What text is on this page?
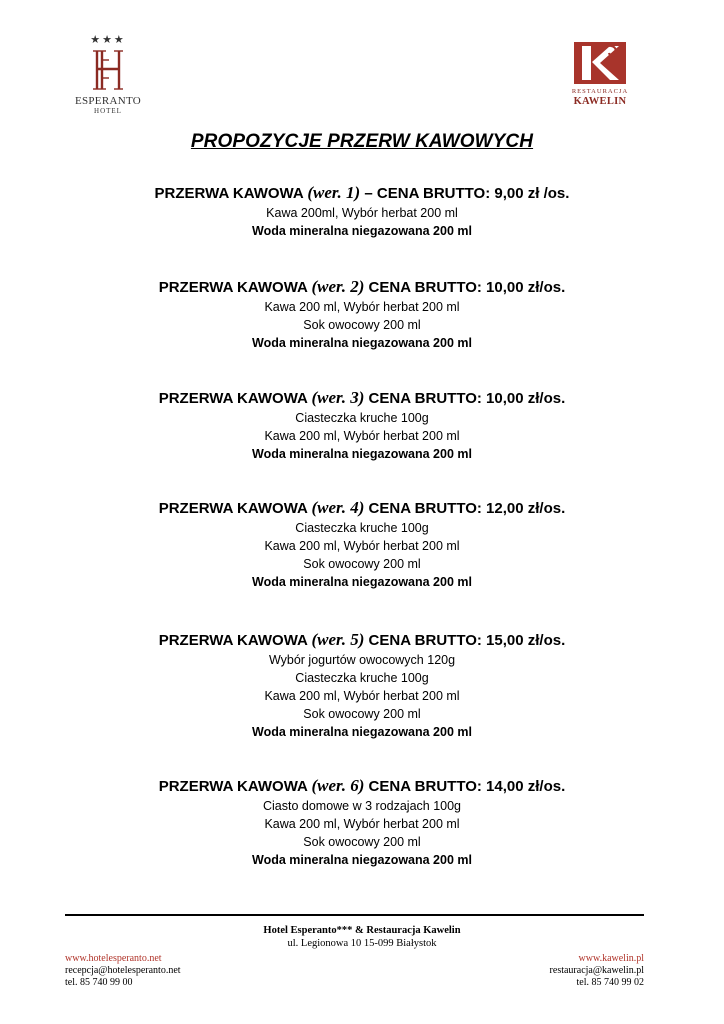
★★★
ESPERANTO
HOTEL
RESTAURACJA
KAWELIN
PROPOZYCJE PRZERW KAWOWYCH
PRZERWA KAWOWA (wer. 1) – CENA BRUTTO: 9,00 zł /os.
Kawa 200ml, Wybór herbat 200 ml
Woda mineralna niegazowana 200 ml
PRZERWA KAWOWA (wer. 2) CENA BRUTTO: 10,00 zł/os.
Kawa 200 ml, Wybór herbat 200 ml
Sok owocowy 200 ml
Woda mineralna niegazowana 200 ml
PRZERWA KAWOWA (wer. 3) CENA BRUTTO: 10,00 zł/os.
Ciasteczka kruche 100g
Kawa 200 ml, Wybór herbat 200 ml
Woda mineralna niegazowana 200 ml
PRZERWA KAWOWA (wer. 4) CENA BRUTTO: 12,00 zł/os.
Ciasteczka kruche 100g
Kawa 200 ml, Wybór herbat 200 ml
Sok owocowy 200 ml
Woda mineralna niegazowana 200 ml
PRZERWA KAWOWA (wer. 5) CENA BRUTTO: 15,00 zł/os.
Wybór jogurtów owocowych 120g
Ciasteczka kruche 100g
Kawa 200 ml, Wybór herbat 200 ml
Sok owocowy 200 ml
Woda mineralna niegazowana 200 ml
PRZERWA KAWOWA (wer. 6) CENA BRUTTO: 14,00 zł/os.
Ciasto domowe w 3 rodzajach 100g
Kawa 200 ml, Wybór herbat 200 ml
Sok owocowy 200 ml
Woda mineralna niegazowana 200 ml
Hotel Esperanto*** & Restauracja Kawelin
ul. Legionowa 10 15-099 Białystok
www.hotelesperanto.net
recepcja@hotelesperanto.net
tel. 85 740 99 00
www.kawelin.pl
restauracja@kawelin.pl
tel. 85 740 99 02
